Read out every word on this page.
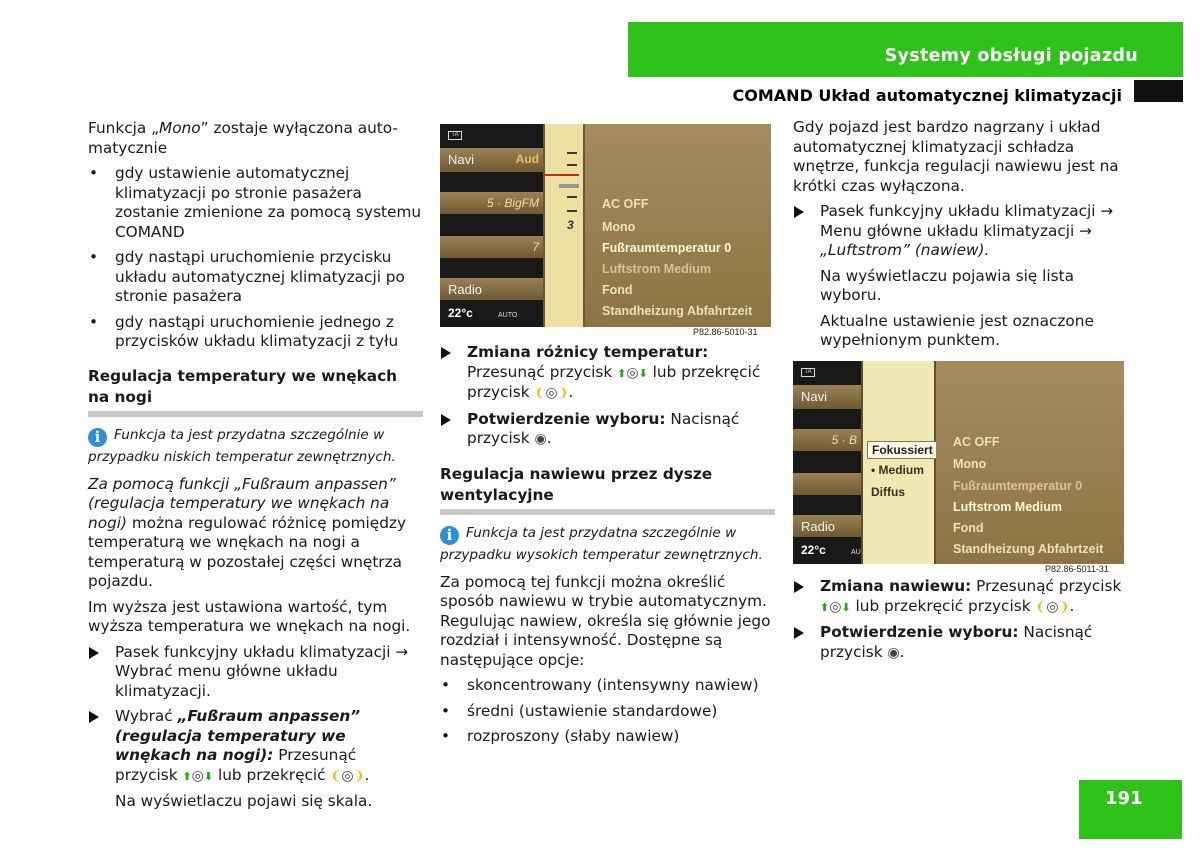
Systemy obsługi pojazdu
COMAND Układ automatycznej klimatyzacji

Funkcja „Mono” zostaje wyłączona auto-matycznie

• gdy ustawienie automatycznej klimatyzacji po stronie pasażera zostanie zmienione za pomocą systemu COMAND
• gdy nastąpi uruchomienie przycisku układu automatycznej klimatyzacji po stronie pasażera
• gdy nastąpi uruchomienie jednego z przycisków układu klimatyzacji z tyłu
Regulacja temperatury we wnękach na nogi

i Funkcja ta jest przydatna szczególnie w przypadku niskich temperatur zewnętrznych.

Za pomocą funkcji „Fußraum anpassen” (regulacja temperatury we wnękach na nogi) można regulować różnicę pomiędzy temperaturą we wnękach na nogi a temperaturą w pozostałej części wnętrza pojazdu.

Im wyższa jest ustawiona wartość, tym wyższa temperatura we wnękach na nogi.

Pasek funkcyjny układu klimatyzacji → Wybrać menu główne układu klimatyzacji.
Wybrać „Fußraum anpassen” (regulacja temperatury we wnękach na nogi): Przesunąć przycisk ⬆◎⬇ lub przekręcić ❨◎❩.

Na wyświetlaczu pojawi się skala.

TA
Navi	Aud
5 · BigFM
7
Radio
22°c	AUTO
3
AC OFF
Mono
Fußraumtemperatur 0
Luftstrom Medium
Fond
Standheizung Abfahrtzeit
P82.86-5010-31
Zmiana różnicy temperatur:
Przesunąć przycisk ⬆◎⬇ lub przekręcić przycisk ❨◎❩.
Potwierdzenie wyboru: Nacisnąć przycisk ◉.
Regulacja nawiewu przez dysze wentylacyjne

i Funkcja ta jest przydatna szczególnie w przypadku wysokich temperatur zewnętrznych.

Za pomocą tej funkcji można określić sposób nawiewu w trybie automatycznym. Regulując nawiew, określa się głównie jego rozdział i intensywność. Dostępne są następujące opcje:

• skoncentrowany (intensywny nawiew)
• średni (ustawienie standardowe)
• rozproszony (słaby nawiew)

Gdy pojazd jest bardzo nagrzany i układ automatycznej klimatyzacji schładza wnętrze, funkcja regulacji nawiewu jest na krótki czas wyłączona.

Pasek funkcyjny układu klimatyzacji → Menu główne układu klimatyzacji → „Luftstrom” (nawiew).

Na wyświetlaczu pojawia się lista wyboru.

Aktualne ustawienie jest oznaczone wypełnionym punktem.

TA
Navi
5 · B
Radio
22°c	AU
Fokussiert
• Medium
Diffus
AC OFF
Mono
Fußraumtemperatur 0
Luftstrom Medium
Fond
Standheizung Abfahrtzeit
P82.86-5011-31
Zmiana nawiewu: Przesunąć przycisk
⬆◎⬇ lub przekręcić przycisk ❨◎❩.
Potwierdzenie wyboru: Nacisnąć przycisk ◉.
191
